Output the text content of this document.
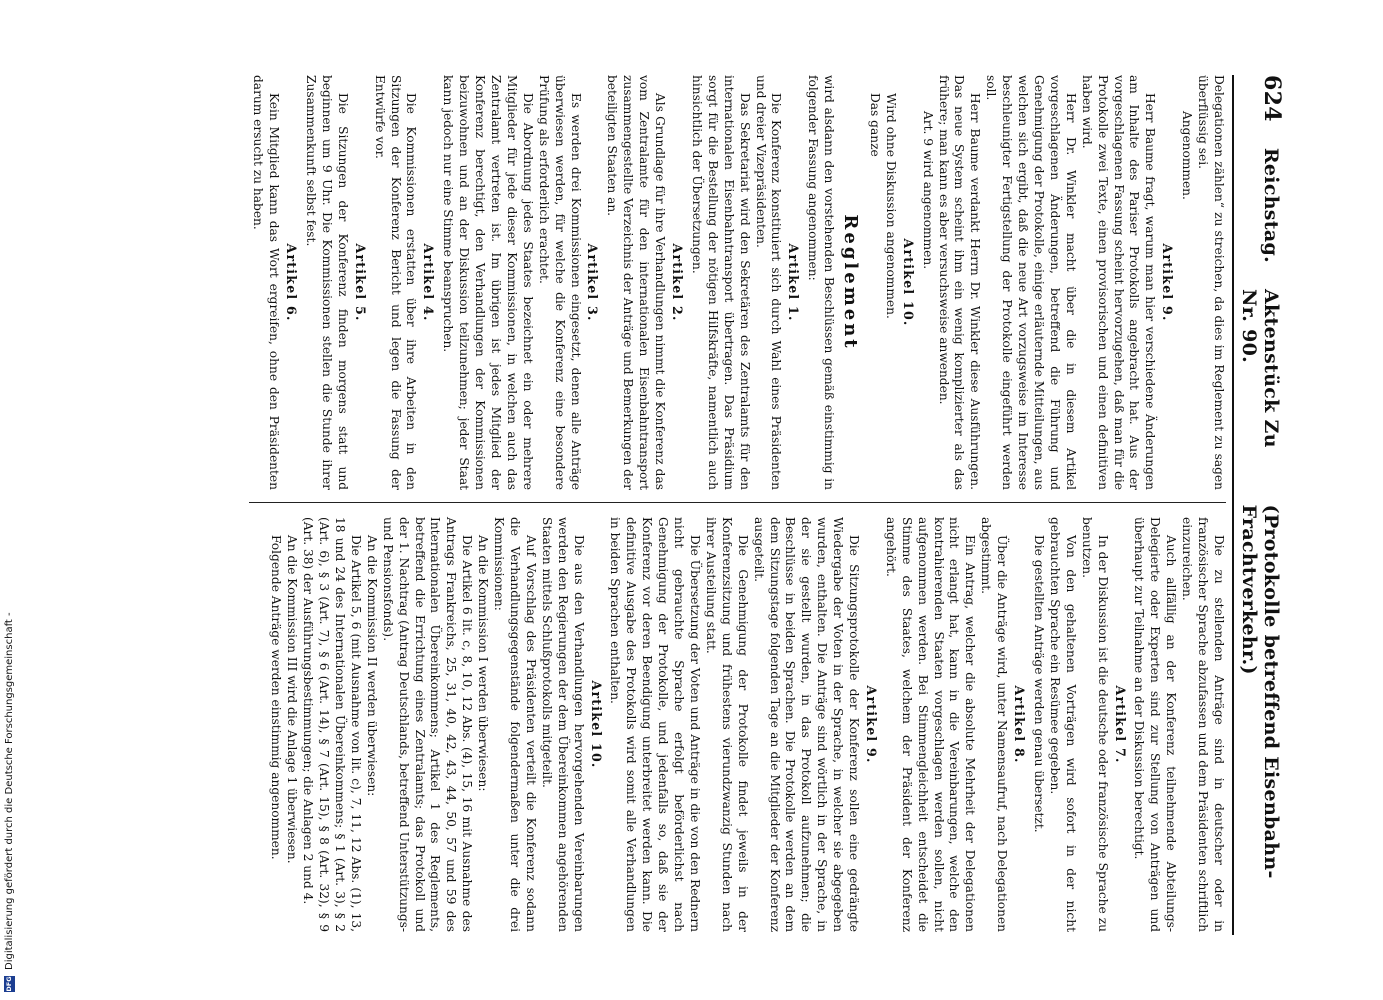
624
Reichstag.
Aktenstück Zu Nr. 90.
(Protokolle betreffend Eisenbahn-Frachtverkehr.)

Delegationen zählen“ zu streichen, da dies im Reglement zu sagen überflüssig sei.

Angenommen.

Artikel 9.

Herr Baume fragt, warum man hier verschiedene Änderungen am Inhalte des Pariser Protokolls angebracht hat. Aus der vorgeschlagenen Fassung scheint hervorzugehen, daß man für die Protokolle zwei Texte, einen provisorischen und einen definitiven haben wird.

Herr Dr. Winkler macht über die in diesem Artikel vorgeschlagenen Änderungen, betreffend die Führung und Genehmigung der Protokolle, einige erläuternde Mitteilungen, aus welchen sich ergibt, daß die neue Art vorzugsweise im Interesse beschleunigter Fertigstellung der Protokolle eingeführt werden soll.

Herr Baume verdankt Herrn Dr. Winkler diese Ausführungen. Das neue System scheint ihm ein wenig komplizierter als das frühere; man kann es aber versuchsweise anwenden.

Art. 9 wird angenommen.

Artikel 10.

Wird ohne Diskussion angenommen.

Das ganze

Reglement

wird alsdann den vorstehenden Beschlüssen gemäß einstimmig in folgender Fassung angenommen:

Artikel 1.

Die Konferenz konstituiert sich durch Wahl eines Präsidenten und dreier Vizepräsidenten.

Das Sekretariat wird den Sekretären des Zentralamts für den internationalen Eisenbahntransport übertragen. Das Präsidium sorgt für die Bestellung der nötigen Hilfskräfte, namentlich auch hinsichtlich der Übersetzungen.

Artikel 2.

Als Grundlage für ihre Verhandlungen nimmt die Konferenz das vom Zentralamte für den internationalen Eisenbahntransport zusammengestellte Verzeichnis der Anträge und Bemerkungen der beteiligten Staaten an.

Artikel 3.

Es werden drei Kommissionen eingesetzt, denen alle Anträge überwiesen werden, für welche die Konferenz eine besondere Prüfung als erforderlich erachtet.

Die Abordnung jedes Staates bezeichnet ein oder mehrere Mitglieder für jede dieser Kommissionen, in welchen auch das Zentralamt vertreten ist. Im übrigen ist jedes Mitglied der Konferenz berechtigt, den Verhandlungen der Kommissionen beizuwohnen und an der Diskussion teilzunehmen; jeder Staat kann jedoch nur eine Stimme beanspruchen.

Artikel 4.

Die Kommissionen erstatten über ihre Arbeiten in den Sitzungen der Konferenz Bericht und legen die Fassung der Entwürfe vor.

Artikel 5.

Die Sitzungen der Konferenz finden morgens statt und beginnen um 9 Uhr. Die Kommissionen stellen die Stunde ihrer Zusammenkunft selbst fest.

Artikel 6.

Kein Mitglied kann das Wort ergreifen, ohne den Präsidenten darum ersucht zu haben.

Die zu stellenden Anträge sind in deutscher oder in französischer Sprache abzufassen und dem Präsidenten schriftlich einzureichen.

Auch allfällig an der Konferenz teilnehmende Abteilungs-Delegierte oder Experten sind zur Stellung von Anträgen und überhaupt zur Teilnahme an der Diskussion berechtigt.

Artikel 7.

In der Diskussion ist die deutsche oder französische Sprache zu benutzen.

Von den gehaltenen Vorträgen wird sofort in der nicht gebrauchten Sprache ein Resümee gegeben.

Die gestellten Anträge werden genau übersetzt.

Artikel 8.

Über die Anträge wird, unter Namensaufruf, nach Delegationen abgestimmt.

Ein Antrag, welcher die absolute Mehrheit der Delegationen nicht erlangt hat, kann in die Vereinbarungen, welche den kontrahierenden Staaten vorgeschlagen werden sollen, nicht aufgenommen werden. Bei Stimmengleichheit entscheidet die Stimme des Staates, welchem der Präsident der Konferenz angehört.

Artikel 9.

Die Sitzungsprotokolle der Konferenz sollen eine gedrängte Wiedergabe der Voten in der Sprache, in welcher sie abgegeben wurden, enthalten. Die Anträge sind wörtlich in der Sprache, in der sie gestellt wurden, in das Protokoll aufzunehmen; die Beschlüsse in beiden Sprachen. Die Protokolle werden an dem dem Sitzungstage folgenden Tage an die Mitglieder der Konferenz ausgeteilt.

Die Genehmigung der Protokolle findet jeweils in der Konferenzsitzung und frühestens vierundzwanzig Stunden nach ihrer Austeilung statt.

Die Übersetzung der Voten und Anträge in die von den Rednern nicht gebrauchte Sprache erfolgt beförderlichst nach Genehmigung der Protokolle, und jedenfalls so, daß sie der Konferenz vor deren Beendigung unterbreitet werden kann. Die definitive Ausgabe des Protokolls wird somit alle Verhandlungen in beiden Sprachen enthalten.

Artikel 10.

Die aus den Verhandlungen hervorgehenden Vereinbarungen werden den Regierungen der dem Übereinkommen angehörenden Staaten mittels Schlußprotokolls mitgeteilt.

Auf Vorschlag des Präsidenten verteilt die Konferenz sodann die Verhandlungsgegenstände folgendermaßen unter die drei Kommissionen:

An die Kommission I werden überwiesen:

Die Artikel 6 lit. c, 8, 10, 12 Abs. (4), 15, 16 mit Ausnahme des Antrags Frankreichs, 25, 31, 40, 42, 43, 44, 50, 57 und 59 des Internationalen Übereinkommens; Artikel 1 des Reglements, betreffend die Errichtung eines Zentralamts; das Protokoll und der 1. Nachtrag (Antrag Deutschlands, betreffend Unterstützungs- und Pensionsfonds).

An die Kommission II werden überwiesen:

Die Artikel 5, 6 (mit Ausnahme von lit. c), 7, 11, 12 Abs. (1), 13, 18 und 24 des Internationalen Übereinkommens; § 1 (Art. 3), § 2 (Art. 6), § 3 (Art. 7), § 6 (Art. 14), § 7 (Art. 15), § 8 (Art. 32), § 9 (Art. 38) der Ausführungsbestimmungen; die Anlagen 2 und 4.

An die Kommission III wird die Anlage 1 überwiesen.

Folgende Anträge werden einstimmig angenommen.

DFG
Digitalisierung gefördert durch die Deutsche Forschungsgemeinschaft -
